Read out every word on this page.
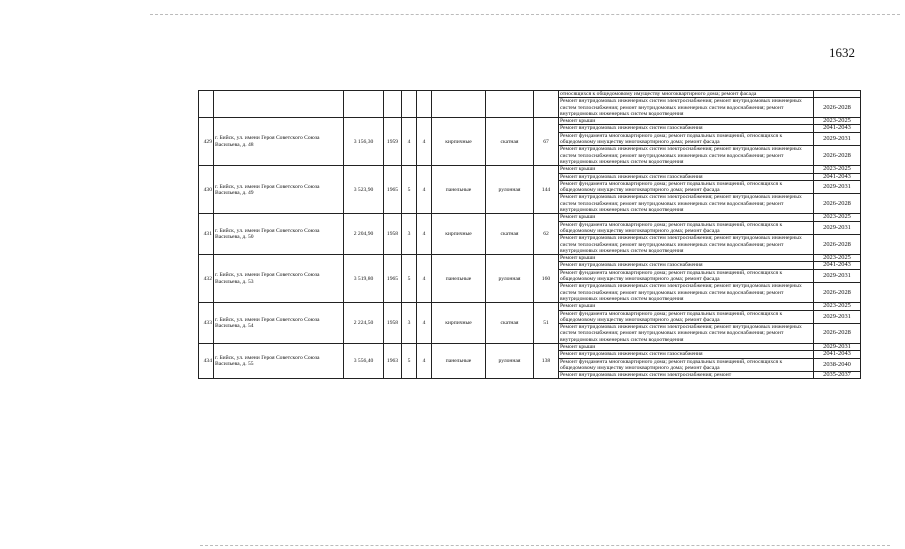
1632
									относящихся к общедомовому имуществу многоквартирного дома; ремонт фасада	
									Ремонт внутридомовых инженерных систем электроснабжения; ремонт внутридомовых инженерных систем теплоснабжения; ремонт внутридомовых инженерных систем водоснабжения; ремонт внутридомовых инженерных систем водоотведения	2026-2028
429	г. Бийск, ул. имени Героя Советского Союза Васильева, д. 48	3 156,30	1959	4	4	кирпичные	скатная	67	Ремонт крыши	2023-2025
									Ремонт внутридомовых инженерных систем газоснабжения	2041-2043
									Ремонт фундамента многоквартирного дома; ремонт подвальных помещений, относящихся к общедомовому имуществу многоквартирного дома; ремонт фасада	2029-2031
									Ремонт внутридомовых инженерных систем электроснабжения; ремонт внутридомовых инженерных систем теплоснабжения; ремонт внутридомовых инженерных систем водоснабжения; ремонт внутридомовых инженерных систем водоотведения	2026-2028
430	г. Бийск, ул. имени Героя Советского Союза Васильева, д. 49	3 523,90	1965	5	4	панельные	рулонная	144	Ремонт крыши	2023-2025
									Ремонт внутридомовых инженерных систем газоснабжения	2041-2043
									Ремонт фундамента многоквартирного дома; ремонт подвальных помещений, относящихся к общедомовому имуществу многоквартирного дома; ремонт фасада	2029-2031
									Ремонт внутридомовых инженерных систем электроснабжения; ремонт внутридомовых инженерных систем теплоснабжения; ремонт внутридомовых инженерных систем водоснабжения; ремонт внутридомовых инженерных систем водоотведения	2026-2028
431	г. Бийск, ул. имени Героя Советского Союза Васильева, д. 50	2 204,90	1958	3	4	кирпичные	скатная	62	Ремонт крыши	2023-2025
									Ремонт фундамента многоквартирного дома; ремонт подвальных помещений, относящихся к общедомовому имуществу многоквартирного дома; ремонт фасада	2029-2031
									Ремонт внутридомовых инженерных систем электроснабжения; ремонт внутридомовых инженерных систем теплоснабжения; ремонт внутридомовых инженерных систем водоснабжения; ремонт внутридомовых инженерных систем водоотведения	2026-2028
432	г. Бийск, ул. имени Героя Советского Союза Васильева, д. 53	3 519,80	1965	5	4	панельные	рулонная	160	Ремонт крыши	2023-2025
									Ремонт внутридомовых инженерных систем газоснабжения	2041-2043
									Ремонт фундамента многоквартирного дома; ремонт подвальных помещений, относящихся к общедомовому имуществу многоквартирного дома; ремонт фасада	2029-2031
									Ремонт внутридомовых инженерных систем электроснабжения; ремонт внутридомовых инженерных систем теплоснабжения; ремонт внутридомовых инженерных систем водоснабжения; ремонт внутридомовых инженерных систем водоотведения	2026-2028
433	г. Бийск, ул. имени Героя Советского Союза Васильева, д. 54	2 224,50	1958	3	4	кирпичные	скатная	51	Ремонт крыши	2023-2025
									Ремонт фундамента многоквартирного дома; ремонт подвальных помещений, относящихся к общедомовому имуществу многоквартирного дома; ремонт фасада	2029-2031
									Ремонт внутридомовых инженерных систем электроснабжения; ремонт внутридомовых инженерных систем теплоснабжения; ремонт внутридомовых инженерных систем водоснабжения; ремонт внутридомовых инженерных систем водоотведения	2026-2028
434	г. Бийск, ул. имени Героя Советского Союза Васильева, д. 55	3 556,40	1963	5	4	панельные	рулонная	138	Ремонт крыши	2029-2031
									Ремонт внутридомовых инженерных систем газоснабжения	2041-2043
									Ремонт фундамента многоквартирного дома; ремонт подвальных помещений, относящихся к общедомовому имуществу многоквартирного дома; ремонт фасада	2038-2040
									Ремонт внутридомовых инженерных систем электроснабжения; ремонт	2035-2037
